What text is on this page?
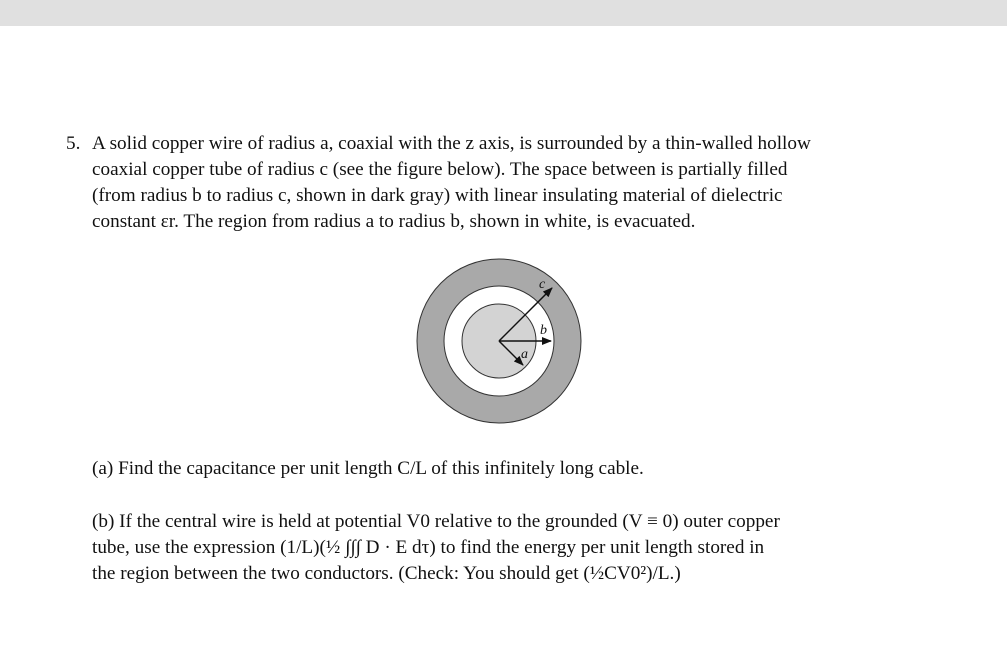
5. A solid copper wire of radius a, coaxial with the z axis, is surrounded by a thin-walled hollow
coaxial copper tube of radius c (see the figure below). The space between is partially filled
(from radius b to radius c, shown in dark gray) with linear insulating material of dielectric
constant εr. The region from radius a to radius b, shown in white, is evacuated.
c
b
a
(a) Find the capacitance per unit length C/L of this infinitely long cable.
(b) If the central wire is held at potential V0 relative to the grounded (V ≡ 0) outer copper
tube, use the expression (1/L)(½ ∫∫∫ D · E dτ) to find the energy per unit length stored in
the region between the two conductors. (Check: You should get (½CV0²)/L.)
